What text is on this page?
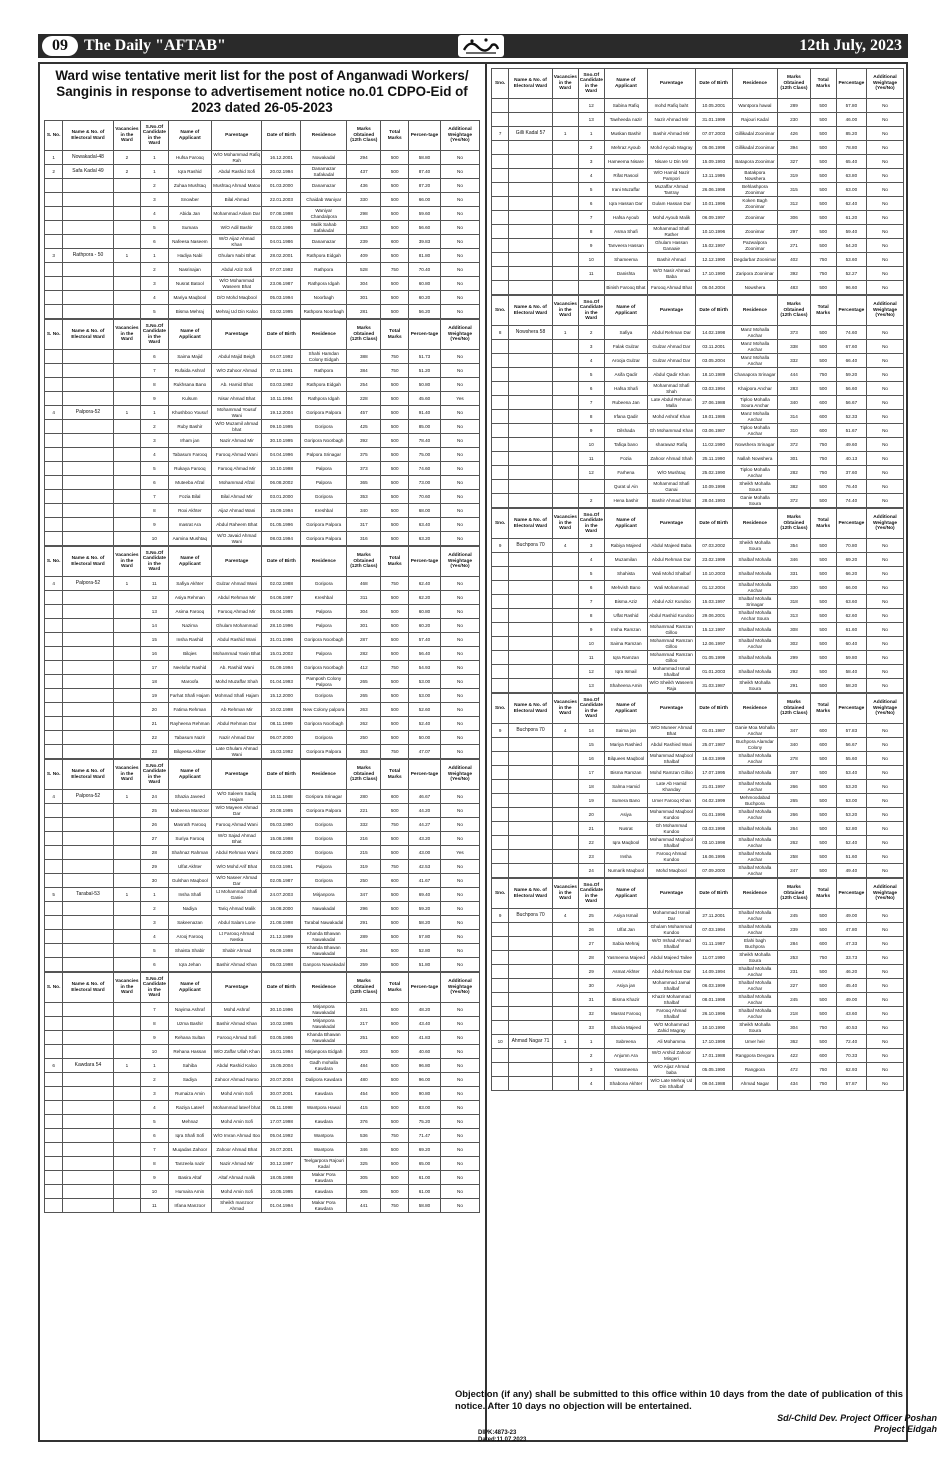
09	The Daily "AFTAB"	12th July, 2023
Ward wise tentative merit list for the post of Anganwadi Workers/ Sanginis in response to advertisement notice no.01 CDPO-Eid of 2023 dated 26-05-2023
S. No.	Name & No. of Electoral Ward	Vacancies in the Ward	S.No.Of Candidate in the Ward	Name of Applicant	Parentage	Date of Birth	Residence	Marks Obtained (12th Class)	Total Marks	Percen-tage	Additional Weightage (Yes/No)
1	Nowakadal-48	2	1	Hufsa Farooq	W/O Mohammad Rafiq Rah	16.12.2001	Nowakadal	294	500	58.80	No
2	Safa Kadal 49	2	1	Iqra Rashid	Abdul Rashid Sofi	20.02.1994	Danamazar Safakadal	437	500	87.40	No
			2	Zuhaa Mushtaq	Mushtaq Ahmad Matoo	01.03.2000	Danamazar	436	500	87.20	No
			3	Snowber	Bilal Ahmad	22.01.2003	Chaidab Waniyar	330	500	66.00	No
			4	Abida Jan	Mohammad Aslam Dar	07.08.1998	Waniyar Chandalpora	298	500	59.60	No
			5	Sumara	W/O Adil Bashir	03.02.1986	Malik Sahab Safakadal	283	500	56.60	No
			6	Nafeesa Naseem	W/O Aijaz Ahmad Khan	04.01.1986	Danamazar	239	600	39.83	No
3	Rathpora - 50	1	1	Hadiya Nabi	Ghulam Nabi Bhat	28.02.2001	Rathpora Eidgah	409	500	81.80	No
			2	Nasrinajan	Abdul Aziz Sofi	07.07.1992	Rathpora	528	750	70.40	No
			3	Nusrat Batool	W/O Mohammad Waseem Bhat	23.06.1987	Rathpora Idgah	304	500	60.80	No
			4	Mariya Maqbool	D/O Mohd Maqbool	05.03.1994	Noorbagh	301	500	60.20	No
			5	Bisma Mehraj	Mehraj Ud Din Kaloo	03.02.1995	Rathpora Noorbagh	281	500	56.20	No
S. No.	Name & No. of Electoral Ward	Vacancies in the Ward	S.No.Of Candidate in the Ward	Name of Applicant	Parentage	Date of Birth	Residence	Marks Obtained (12th Class)	Total Marks	Percen-tage	Additional Weightage (Yes/No)
			6	Saima Majid	Abdul Majid Beigh	04.07.1992	Shahi Hamdan Colony Eidgah	388	750	51.73	No
			7	Rufaida Ashraf	W/O Zahoor Ahmad	07.11.1991	Rathpora	384	750	51.20	No
			8	Rukhsana Bano	Ab. Hamid Bhat	03.03.1992	Rathpora Eidgah	254	500	50.80	No
			9	Kulsum	Nisar Ahmad Bhat	10.11.1994	Rathpora Idgah	228	500	45.60	Yes
4	Palpora-52	1	1	Khushboo Yousuf	Mohammad Yousuf Wani	19.12.2004	Goripora Palpora	457	500	91.40	No
			2	Ruby Bashir	W/O Muzamil ahmad bhat	09.10.1995	Goripora	425	500	85.00	No
			3	Irham jan	Nazir Ahmad Mir	30.10.1995	Goripora Noorbagh	392	500	78.40	No
			4	Tabasum Farooq	Farooq Ahmad Wani	04.04.1996	Palpora Srinagar	375	500	75.00	No
			5	Rukaya Farooq	Farooq Ahmad Mir	10.10.1998	Palpora	373	500	74.60	No
			6	Muteeba Afzal	Mohammad Afzal	06.08.2002	Palpora	365	500	73.00	No
			7	Fozia Bilal	Bilal Ahmad Mir	03.01.2000	Goripora	353	500	70.60	No
			8	Roxi Akhter	Aijaz Ahmad Wani	15.09.1994	Kreshbal	340	500	68.00	No
			9	masrat Ara	Abdul Raheem Bhat	01.05.1996	Goripora Palpora	317	500	63.40	No
			10	Aamina Mushtaq	W/O Javaid Ahmad Wani	08.03.1994	Goripora Palpora	316	500	63.20	No
S. No.	Name & No. of Electoral Ward	Vacancies in the Ward	S.No.Of Candidate in the Ward	Name of Applicant	Parentage	Date of Birth	Residence	Marks Obtained (12th Class)	Total Marks	Percen-tage	Additional Weightage (Yes/No)
4	Palpora-52	1	11	Safiya Akhter	Gulzar Ahmad Wani	02.02.1988	Goripora	468	750	62.40	No
			12	Asiya Rehman	Abdul Rehman Mir	04.06.1997	Kreshbal	311	500	62.20	No
			13	Asima Farooq	Farooq Ahmad Mir	05.04.1995	Palpora	304	500	60.80	No
			14	Nazima	Ghulam Mohammad	28.10.1996	Palpora	301	500	60.20	No
			15	Insha Rashid	Abdul Rashid Wani	31.01.1996	Goripora Noorbagh	287	500	57.40	No
			16	Bilqies	Mohammad Yasin Bhat	15.01.2002	Palpora	282	500	56.40	No
			17	Neelofar Rashid	Ab. Rashid Wani	01.09.1994	Goripora Noorbagh	412	750	54.93	No
			18	Maroofa	Mohd Muzaffar Shah	01.04.1993	Pamposh Colony Palpora	265	500	53.00	No
			19	Farhat Shafi Hajam	Mohmad Shafi Hajam	15.12.2000	Goripora	265	500	53.00	No
			20	Fatima Rehman	Ab Rehman Mir	10.02.1998	New Colony palpora	263	500	52.60	No
			21	Rayheena Rehman	Abdul Rehman Dar	08.11.1999	Goripora Noorbagh	262	500	52.40	No
			22	Tabasum Nazir	Nazir Ahmad Dar	06.07.2000	Goripora	250	500	50.00	No
			23	Bilqeesa Akhter	Late Ghulam Ahmad Wani	15.03.1992	Goripora Palpora	353	750	47.07	No
S. No.	Name & No. of Electoral Ward	Vacancies in the Ward	S.No.Of Candidate in the Ward	Name of Applicant	Parentage	Date of Birth	Residence	Marks Obtained (12th Class)	Total Marks	Percen-tage	Additional Weightage (Yes/No)
4	Palpora-52	1	24	Shazia Javeed	W/O Saleem Sadiq Hajam	10.11.1988	Goripora Srinagar	280	600	46.67	No
			25	Mabeena Manzoor	W/O Mayeen Ahmad Dar	20.08.1995	Goripora Palpora	221	500	44.20	No
			26	Masrath Farooq	Farooq Ahmad Wani	05.03.1990	Goripora	332	750	44.27	No
			27	Suriya Farooq	W/O Sajad Ahmad Bhat	15.08.1998	Goripora	216	500	43.20	No
			28	Shahnaz Rahman	Abdul Rehman Wani	08.02.2000	Goripora	215	500	43.00	Yes
			29	Ulfat Akhter	W/O Mohd Arif Bhat	03.03.1991	Palpora	319	750	42.53	No
			30	Gulshan Maqbool	W/O Naseer Ahmad Dar	02.05.1987	Goripora	250	600	41.67	No
5	Tarabal-53	1	1	Insha Shafi	Lt Mohammad Shafi Ganie	24.07.2003	Mirjanpora	347	500	69.40	No
			2	Nadiya	Tariq Ahmad Malik	16.08.2000	Nawakadal	296	500	59.20	No
			3	Sakeenazan	Abdul Salam Lone	21.08.1998	Tarabal Nawakadal	291	500	58.20	No
			4	Arooj Farooq	Lt Farooq Ahmad Neska	21.12.1999	Khanda Bhawan Nawakadal	289	500	57.80	No
			5	Shaista Shabir	Shabir Ahmad	06.09.1998	Khanda Bhawan Nawakadal	264	500	52.80	No
			6	Iqra Jehan	Bashir Ahmad Khan	05.03.1998	Ganpora Nawakadal	259	500	51.80	No
S. No.	Name & No. of Electoral Ward	Vacancies in the Ward	S.No.Of Candidate in the Ward	Name of Applicant	Parentage	Date of Birth	Residence	Marks Obtained (12th Class)	Total Marks	Percen-tage	Additional Weightage (Yes/No)
			7	Nayima Ashraf	Mohd Ashraf	30.10.1996	Mirjanpora Nawakadal	241	500	48.20	No
			8	Uzma Bashir	Bashir Ahmad Khan	10.02.1995	Mirjanpora Nawakadal	217	500	43.40	No
			9	Rehana Sultan	Farooq Ahmad Sofi	03.05.1986	Khanda Bhawan Nawakadal	251	600	41.83	No
			10	Rehana Hassan	W/O Zaffar Ullah Khan	16.01.1994	Mirjanpora Eidgah	203	500	40.60	No
6	Kawdara 54	1	1	Sahiba	Abdul Rashid Kaloo	15.05.2004	Gadh mohalla Kawdara	484	500	96.80	No
			2	Sadiya	Zahoor Ahmad Naroo	20.07.2004	Dalipora Kawdara	480	500	96.00	No
			3	Rumaiza Amin	Mohd Amin Sofi	30.07.2001	Kawdara	454	500	90.80	No
			4	Raziya Lateef	Mohammad lateef bhat	06.11.1998	Wantpora Hawal	415	500	83.00	No
			5	Mehnaz	Mohd Amin Sofi	17.07.1998	Kawdara	376	500	75.20	No
			6	Iqra Shafi Sofi	W/O Imran Ahmad Itoo	05.04.1992	Wantpora	536	750	71.47	No
			7	Muqadas Zahoor	Zahoor Ahmad Bhat	26.07.2001	Wantpora	346	500	69.20	No
			8	Tanzeela nazir	Nazir Ahmad Mir	30.12.1997	Teelgarpora Rajouri Kadal	325	500	65.00	No
			9	Basira Altaf	Altaf Ahmad malik	18.05.1998	Makar Pora Kawdara	305	500	61.00	No
			10	Humaira Amin	Mohd Amin Sofi	10.05.1995	Kawdara	305	500	61.00	No
			11	Irfana Manzoor	Sheikh manzoor Ahmad	01.04.1994	Makar Pora Kawdara	441	750	58.80	No
Sno.	Name & No. of Electoral Ward	Vacancies in the Ward	Sno.Of Candidate in the Ward	Name of Applicant	Parentage	Date of Birth	Residence	Marks Obtained (12th Class)	Total Marks	Percentage	Additional Weightage (Yes/No)
			12	Sabina Rafiq	mohd Rafiq baht	10.05.2001	Wantpora hawal	289	500	57.80	No
			13	Tawheeda nazir	Nazir Ahmad Mir	31.01.1999	Rajouri Kadal	230	500	46.00	No
7	Gilli Kadal 57	1	1	Muskan Bashir	Bashir Ahmad Mir	07.07.2003	Gillikadal Zoonimar	426	500	85.20	No
			2	Mehraz Ayoub	Mohd Ayoub Magray	05.06.1998	Gillikadal Zoonimar	394	500	78.80	No
			3	Hameema Nisare	Nisare U Din Mir	15.09.1993	Batapora Zoonimar	327	500	65.40	No
			4	Rifat Rasool	W/O Hamid Nazir Pampori	13.11.1995	Batakpora Nowshera	319	500	63.80	No
			5	Irani Muzaffar	Muzaffar Ahmad Tantray	26.06.1998	Behlashpora Zoonimar	315	500	63.00	No
			6	Iqra Hassan Dar	Gulam Hassan Dar	10.01.1996	Koken Bagh Zoonimar	312	500	62.40	No
			7	Hafsa Ayoub	Mohd Ayoub Malik	06.09.1997	Zoonimar	306	500	61.20	No
			8	Asma Shafi	Mohammad Shafi Rather	10.10.1996	Zoonimar	297	500	59.40	No
			9	Tanveera Hassan	Ghulam Hassan Ganaaie	15.02.1997	Pazwalpora Zoonimar	271	500	54.20	No
			10	Shameema	Bashir Ahmad	12.12.1990	Degdarbar Zoonimar	402	750	53.60	No
			11	Danishta	W/O Nasir Ahmad Baba	17.10.1990	Zaripora Zoonimar	392	750	52.27	No
				Binish Farooq Bhat	Farooq Ahmad Bhat	05.04.2004	Nowshera	483	500	96.60	No
Sno.	Name & No. of Electoral Ward	Vacancies in the Ward	Sno.Of Candidate in the Ward	Name of Applicant	Parentage	Date of Birth	Residence	Marks Obtained (12th Class)	Total Marks	Percentage	Additional Weightage (Yes/No)
8	Nowshera 58	1	2	Safiya	Abdul Rehman Dar	14.02.1998	Manz Mohalla Anchar	373	500	74.60	No
			3	Falak Gulzar	Gulzar Ahmad Dar	03.11.2001	Manz Mohalla Anchar	338	500	67.60	No
			4	Arooja Gulzar	Gulzar Ahmad Dar	03.05.2004	Manz Mohalla Anchar	332	500	66.40	No
			5	Asifa Qadir	Abdul Qadir Khan	18.10.1989	Chanapora Srinagar	444	750	59.20	No
			6	Hafsa Shafi	Mohammad Shafi Shah	03.03.1994	Khajpora Anchar	283	500	56.60	No
			7	Rubeena Jan	Late Abdul Rehman Malla	27.06.1988	Tiploo Mohalla Soura Anchar	340	600	56.67	No
			8	Irfana Qadir	Mohd Ashraf Khan	19.01.1986	Manz Mohalla Anchar	314	600	52.33	No
			9	Dilshada	Gh Mohammad Khan	03.06.1987	Tiploo Mohalla Anchar	310	600	51.67	No
			10	Tafiqa bano	sharawaz Rafiq	11.02.1990	Nowshera Srinagar	372	750	49.60	No
			11	Fozia	Zahoor Ahmad Shah	25.11.1990	Nallah Nowshera	301	750	40.13	No
			12	Farhena	W/O Mushtaq	25.02.1990	Tiploo Mohalla Anchar	282	750	37.60	No
				Qurat ul Ain	Mohammad Shafi Ganai	10.09.1998	Sheikh Mohalla Soura	382	500	76.40	No
			2	Hena bashir	Bashir Ahmad bhat	28.04.1993	Ganie Mohalla Soura	372	500	74.40	No
Sno.	Name & No. of Electoral Ward	Vacancies in the Ward	Sno.Of Candidate in the Ward	Name of Applicant	Parentage	Date of Birth	Residence	Marks Obtained (12th Class)	Total Marks	Percentage	Additional Weightage (Yes/No)
9	Buchpora 70	4	3	Rabiya Majeed	Abdul Majeed Baba	07.03.2002	Sheikh Mohalla Soura	354	500	70.80	No
			4	Muzamilan	Abdul Rehman Dar	23.02.1999	Shalbaf Mohalla	346	500	69.20	No
			5	Shahista	Wali Mohd Shalbaf	10.10.2003	Shalbaf Mohalla	331	500	66.20	No
			6	Mehvish Bano	Wali Mohammad	01.12.2004	Shalbaf Mohalla Anchar	330	500	66.00	No
			7	Bisma Aziz	Abdul Aziz Kundoo	15.03.1997	Shalbaf Mohalla Srinagar	318	500	63.60	No
			8	Ulfat Rashid	Abdul Rashid Kundoo	29.06.2001	Shalbaf Mohalla Anchar Soura	313	500	62.60	No
			9	Insha Ramzan	Mohammad Ramzan Gilloo	15.12.1997	Shalbaf Mohalla	308	500	61.60	No
			10	Saima Ramzan	Mohammad Ramzan Gilloo	12.06.1997	Shalbaf Mohalla Anchar	302	500	60.40	No
			11	Iqra Ramzan	Mohammad Ramzan Gilloo	01.05.1999	Shalbaf Mohalla	299	500	59.80	No
			12	Iqra Ismail	Mohammad Ismail Shalbaf	01.01.2003	Shalbaf Mohalla	292	500	58.40	No
			13	Shaheena Amin	W/O Sheikh Waseem Raja	31.03.1987	Sheikh Mohalla Soura	291	500	58.20	No
Sno.	Name & No. of Electoral Ward	Vacancies in the Ward	Sno.Of Candidate in the Ward	Name of Applicant	Parentage	Date of Birth	Residence	Marks Obtained (12th Class)	Total Marks	Percentage	Additional Weightage (Yes/No)
9	Buchpora 70	4	14	Saima jan	W/O Muneer Ahmad Bhat	01.01.1987	Ganie Moa Mohalla Anchar	347	600	57.83	No
			15	Mariya Rashied	Abdul Rashied Wani	25.07.1987	Buchpora Alamdar Colony	340	600	56.67	No
			16	Bilquees Maqbool	Mohammad Maqbool Shalbaf	16.03.1999	Shalbaf Mohalla Anchar	278	500	55.60	No
			17	Bisma Ramzan	Mohd Ramzan Gilloo	17.07.1995	Shalbaf Mohalla	267	500	53.40	No
			18	Salma Hamid	Late Ab Hamid Khanday	21.01.1997	Shalbaf Mohalla Anchar	266	500	53.20	No
			19	Sumera Bano	Umer Farooq Khan	04.02.1999	Mehmoodabad Buchpora	265	500	53.00	No
			20	Asiya	Mohammad Maqbool Kundoo	01.01.1996	Shalbaf Mohalla Anchar	266	500	53.20	No
			21	Nusrat	Gh Mohammad Kundoo	03.03.1998	Shalbaf Mohalla	264	500	52.80	No
			22	Iqra Maqbool	Mohammad Maqbool Shalbaf	03.10.1998	Shalbaf Mohalla Anchar	262	500	52.40	No
			23	Insha	Farooq Ahmad Kundoo	16.06.1995	Shalbaf Mohalla Anchar	258	500	51.60	No
			24	Numarik Maqbool	Mohd Maqbool	07.09.2000	Shalbaf Mohalla Anchar	247	500	49.40	No
Sno.	Name & No. of Electoral Ward	Vacancies in the Ward	Sno.Of Candidate in the Ward	Name of Applicant	Parentage	Date of Birth	Residence	Marks Obtained (12th Class)	Total Marks	Percentage	Additional Weightage (Yes/No)
9	Buchpora 70	4	25	Asiya Ismail	Mohammad Ismail Dar	27.11.2001	Shalbaf Mohalla Anchar	245	500	49.00	No
			26	Ulfat Jan	Ghulam Mohammad Kundoo	07.03.1994	Shalbaf Mohalla Anchar	239	500	47.80	No
			27	Sabia Mehraj	W/O Irshad Ahmad Shalbaf	01.11.1987	Elahi bagh Buchpora	284	600	47.33	No
			28	Yasmeena Majeed	Abdul Majeed Tailee	11.07.1990	Sheikh Mohalla Soura	253	750	33.73	No
			29	Asmat Akhter	Abdul Rehman Dar	14.09.1994	Shalbaf Mohalla Anchar	231	500	46.20	No
			30	Asiya jan	Mohammad Jamal Shalbaf	06.03.1999	Shalbaf Mohalla Anchar	227	500	45.40	No
			31	Bisma Khazir	Khazir Mohammad Shalbaf	08.01.1998	Shalbaf Mohalla Anchar	245	500	49.00	No
			32	Masrat Farooq	Farooq Ahmad Shalbaf	26.10.1996	Shalbaf Mohalla Anchar	218	500	43.60	No
			33	Shazia Majeed	W/O Mohammad Zahid Magray	10.10.1990	Sheikh Mohalla Soura	304	750	40.53	No
10	Ahmad Nagar 71	1	1	Sabreena	Ali Mohamma	17.10.1998	Umer heir	362	500	72.40	No
			2	Anjumn Ara	W/O Arshid Zahoor Misgeri	17.01.1988	Rangpora Devgora	422	600	70.33	No
			3	Yassmeena	W/O Aijaz Ahmad baba	05.05.1990	Rangpora	472	750	62.93	No
			4	Shabona Akhter	W/O Late Mehraj Ud Din Shalbaf	09.04.1988	Ahmad Nagar	434	750	57.87	No
Objection (if any) shall be submitted to this office within 10 days from the date of publication of this notice. After 10 days no objection will be entertained.
Sd/-Child Dev. Project Officer Poshan
Project Eidgah
DIPK:4873-23
Dated:11.07.2023
